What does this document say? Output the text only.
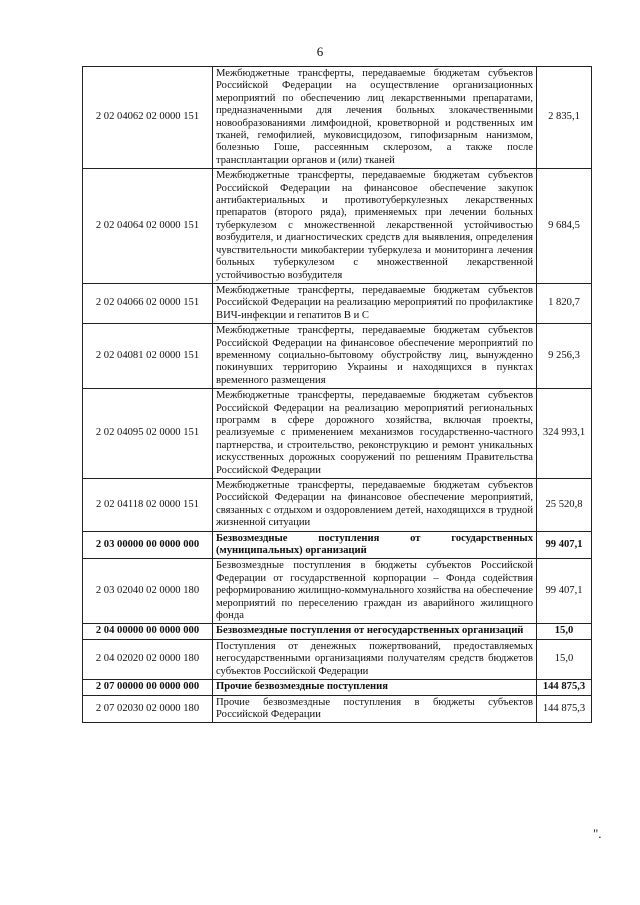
6
2 02 04062 02 0000 151	Межбюджетные трансферты, передаваемые бюджетам субъектов Российской Федерации на осуществление организационных мероприятий по обеспечению лиц лекарственными препаратами, предназначенными для лечения больных злокачественными новообразованиями лимфоидной, кроветворной и родственных им тканей, гемофилией, муковисцидозом, гипофизарным нанизмом, болезнью Гоше, рассеянным склерозом, а также после трансплантации органов и (или) тканей	2 835,1
2 02 04064 02 0000 151	Межбюджетные трансферты, передаваемые бюджетам субъектов Российской Федерации на финансовое обеспечение закупок антибактериальных и противотуберкулезных лекарственных препаратов (второго ряда), применяемых при лечении больных туберкулезом с множественной лекарственной устойчивостью возбудителя, и диагностических средств для выявления, определения чувствительности микобактерии туберкулеза и мониторинга лечения больных туберкулезом с множественной лекарственной устойчивостью возбудителя	9 684,5
2 02 04066 02 0000 151	Межбюджетные трансферты, передаваемые бюджетам субъектов Российской Федерации на реализацию мероприятий по профилактике ВИЧ-инфекции и гепатитов В и С	1 820,7
2 02 04081 02 0000 151	Межбюджетные трансферты, передаваемые бюджетам субъектов Российской Федерации на финансовое обеспечение мероприятий по временному социально-бытовому обустройству лиц, вынужденно покинувших территорию Украины и находящихся в пунктах временного размещения	9 256,3
2 02 04095 02 0000 151	Межбюджетные трансферты, передаваемые бюджетам субъектов Российской Федерации на реализацию мероприятий региональных программ в сфере дорожного хозяйства, включая проекты, реализуемые с применением механизмов государственно-частного партнерства, и строительство, реконструкцию и ремонт уникальных искусственных дорожных сооружений по решениям Правительства Российской Федерации	324 993,1
2 02 04118 02 0000 151	Межбюджетные трансферты, передаваемые бюджетам субъектов Российской Федерации на финансовое обеспечение мероприятий, связанных с отдыхом и оздоровлением детей, находящихся в трудной жизненной ситуации	25 520,8
2 03 00000 00 0000 000	Безвозмездные поступления от государственных (муниципальных) организаций	99 407,1
2 03 02040 02 0000 180	Безвозмездные поступления в бюджеты субъектов Российской Федерации от государственной корпорации – Фонда содействия реформированию жилищно-коммунального хозяйства на обеспечение мероприятий по переселению граждан из аварийного жилищного фонда	99 407,1
2 04 00000 00 0000 000	Безвозмездные поступления от негосударственных организаций	15,0
2 04 02020 02 0000 180	Поступления от денежных пожертвований, предоставляемых негосударственными организациями получателям средств бюджетов субъектов Российской Федерации	15,0
2 07 00000 00 0000 000	Прочие безвозмездные поступления	144 875,3
2 07 02030 02 0000 180	Прочие безвозмездные поступления в бюджеты субъектов Российской Федерации	144 875,3
".
